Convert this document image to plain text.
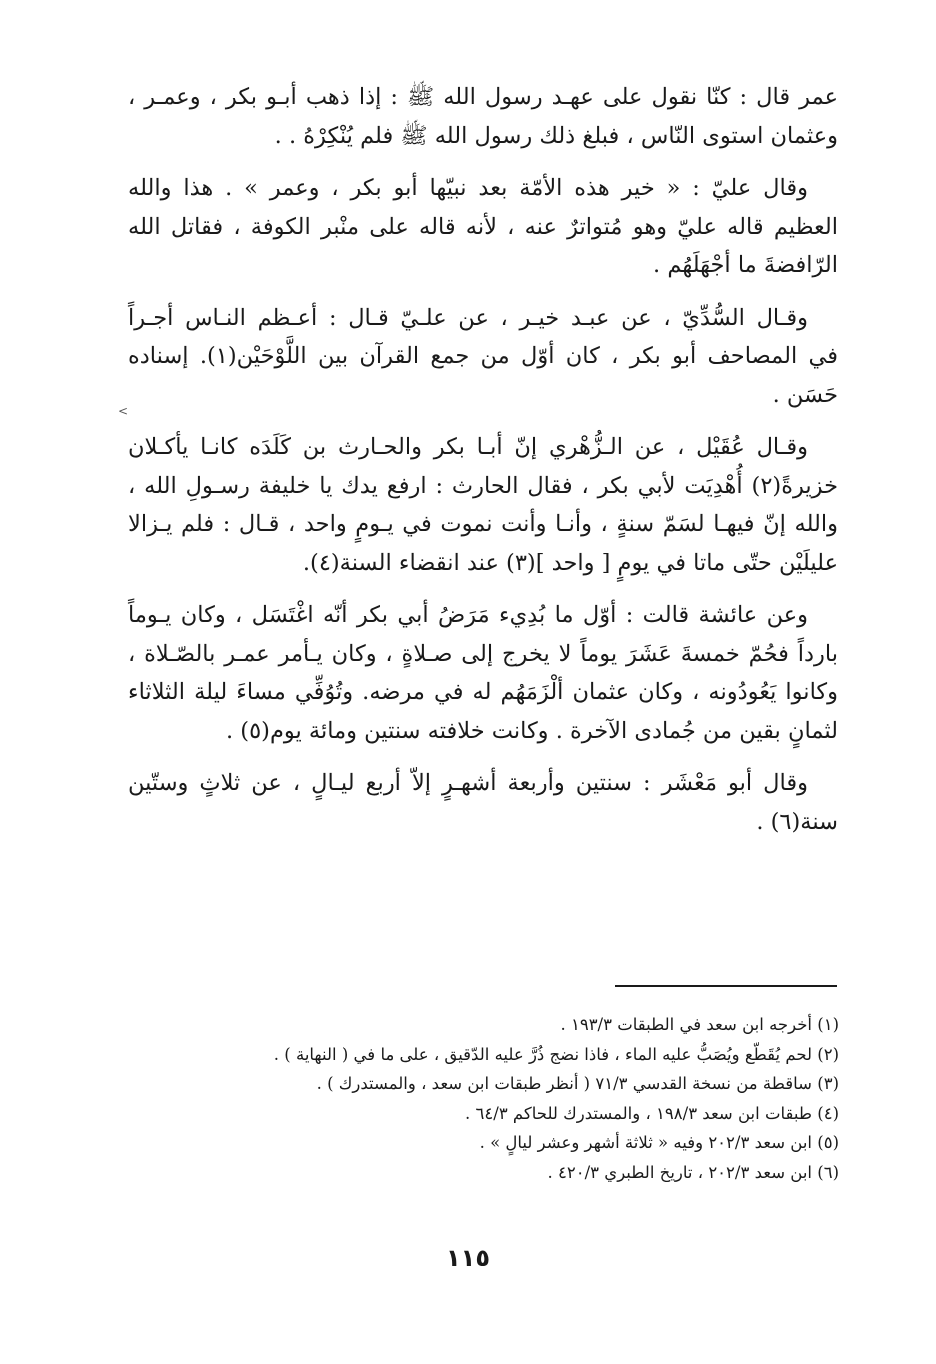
عمر قال : كنّا نقول على عهـد رسول الله ﷺ : إذا ذهب أبـو بكر ، وعمـر ،
وعثمان استوى النّاس ، فبلغ ذلك رسول الله ﷺ فلم يُنْكِرْهُ . .
وقال عليّ : « خير هذه الأمّة بعد نبيّها أبو بكر ، وعمر » . هذا والله
العظيم قاله عليّ وهو مُتواترٌ عنه ، لأنه قاله على منْبر الكوفة ، فقاتل الله
الرّافضةَ ما أجْهَلَهُم .
وقـال السُّدِّيّ ، عن عبـد خيـر ، عن علـيّ قـال : أعـظم النـاس أجـراً
في المصاحف أبو بكر ، كان أوّل من جمع القرآن بين اللَّوْحَيْن(١). إسناده
حَسَن .
وقـال عُقَيْل ، عن الـزُّهْري إنّ أبـا بكر والحـارث بن كَلَدَه كانـا يأكـلان
خزيرةً(٢) أُهْدِيَت لأبي بكر ، فقال الحارث : ارفع يدك يا خليفة رسـولِ الله ،
والله إنّ فيهـا لسَمّ سنةٍ ، وأنـا وأنت نموت في يـومٍ واحد ، قـال : فلم يـزالا
عليلَيْن حتّى ماتا في يومٍ [ واحد ](٣) عند انقضاء السنة(٤).
وعن عائشة قالت : أوّل ما بُدِيء مَرَضُ أبي بكر أنّه اغْتَسَل ، وكان يـوماً
بارداً فحُمّ خمسةَ عَشَرَ يوماً لا يخرج إلى صـلاةٍ ، وكان يـأمر عمـر بالصّـلاة ،
وكانوا يَعُودُونه ، وكان عثمان ألْزَمَهُم له في مرضه. وتُوُفِّي مساءَ ليلة الثلاثاء
لثمانٍ بقين من جُمادى الآخرة . وكانت خلافته سنتين ومائة يوم(٥) .
وقال أبو مَعْشَر : سنتين وأربعة أشهـرٍ إلاّ أربع ليـالٍ ، عن ثلاثٍ وستّين
سنة(٦) .
<
(١) أخرجه ابن سعد في الطبقات ١٩٣/٣ .
(٢) لحم يُقَطّع ويُصَبُّ عليه الماء ، فاذا نضج ذُرَّ عليه الدّقيق ، على ما في ( النهاية ) .
(٣) ساقطة من نسخة القدسي ٧١/٣ ( أنظر طبقات ابن سعد ، والمستدرك ) .
(٤) طبقات ابن سعد ١٩٨/٣ ، والمستدرك للحاكم ٦٤/٣ .
(٥) ابن سعد ٢٠٢/٣ وفيه « ثلاثة أشهر وعشر ليالٍ » .
(٦) ابن سعد ٢٠٢/٣ ، تاريخ الطبري ٤٢٠/٣ .
١١٥
